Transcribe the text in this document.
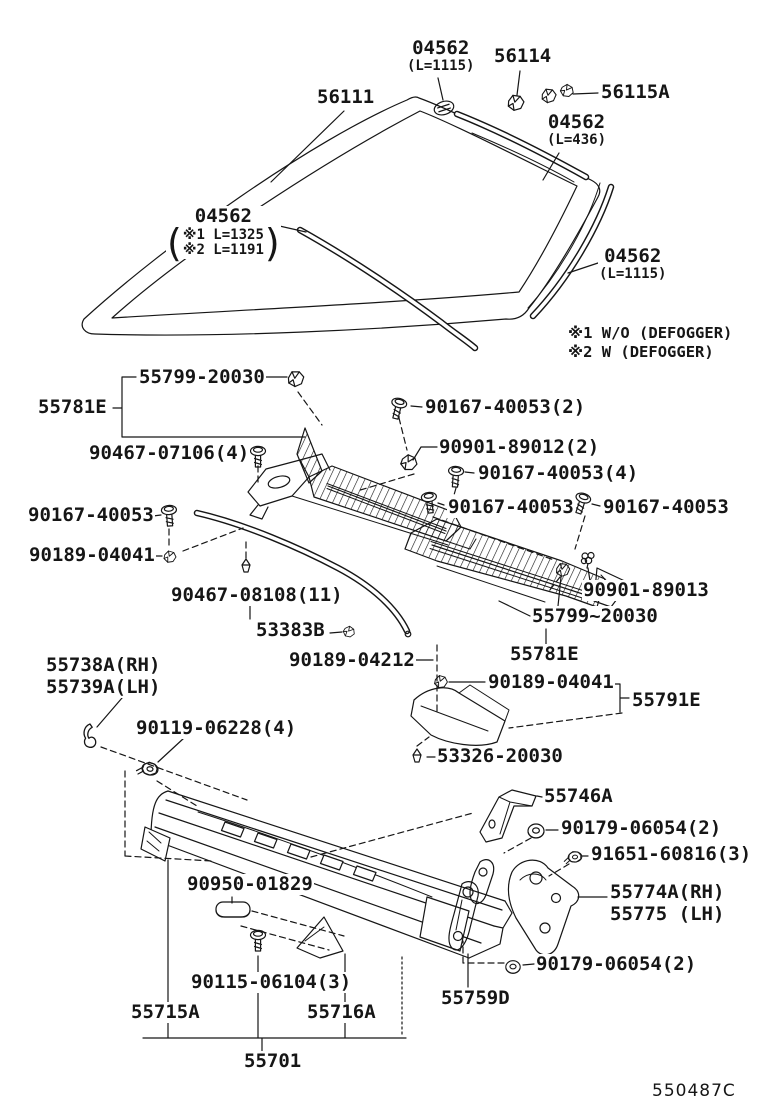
04562
(L=1115) 56114
56115A
56111
04562
(L=436)
04562
( ※1 L=1325
※2 L=1191 )	04562
(L=1115)
※1 W/O (DEFOGGER)
※2 W (DEFOGGER)
55799-20030
55781E	90167-40053(2)
90467-07106(4)	90901-89012(2)
90167-40053(4)
90167-40053 90167-40053
90167-40053
90189-04041
90467-08108(11)
53383B
90189-04212
90901-89013
55799~20030
55781E
55738A(RH)
55739A(LH)	90189-04041
55791E
90119-06228(4)
53326-20030
55746A
90179-06054(2)
91651-60816(3)
90950-01829	55774A(RH)
55775 (LH)
90115-06104(3)
90179-06054(2)
55759D
55715A	55716A
55701
550487C
